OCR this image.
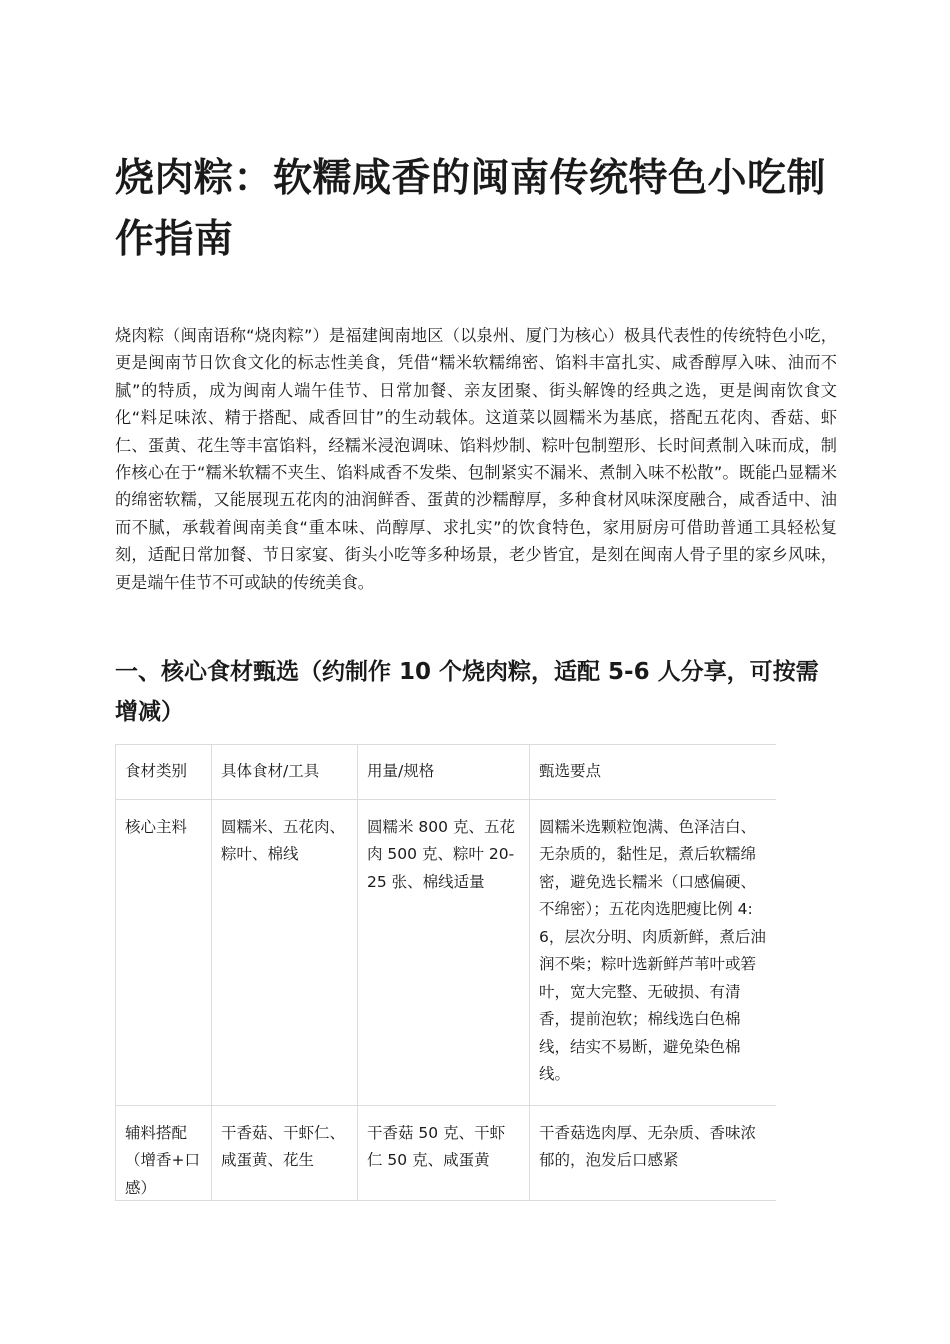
烧肉粽：软糯咸香的闽南传统特色小吃制作指南

烧肉粽（闽南语称“烧肉粽”）是福建闽南地区（以泉州、厦门为核心）极具代表性的传统特色小吃，更是闽南节日饮食文化的标志性美食，凭借“糯米软糯绵密、馅料丰富扎实、咸香醇厚入味、油而不腻”的特质，成为闽南人端午佳节、日常加餐、亲友团聚、街头解馋的经典之选，更是闽南饮食文化“料足味浓、精于搭配、咸香回甘”的生动载体。这道菜以圆糯米为基底，搭配五花肉、香菇、虾仁、蛋黄、花生等丰富馅料，经糯米浸泡调味、馅料炒制、粽叶包制塑形、长时间煮制入味而成，制作核心在于“糯米软糯不夹生、馅料咸香不发柴、包制紧实不漏米、煮制入味不松散”。既能凸显糯米的绵密软糯，又能展现五花肉的油润鲜香、蛋黄的沙糯醇厚，多种食材风味深度融合，咸香适中、油而不腻，承载着闽南美食“重本味、尚醇厚、求扎实”的饮食特色，家用厨房可借助普通工具轻松复刻，适配日常加餐、节日家宴、街头小吃等多种场景，老少皆宜，是刻在闽南人骨子里的家乡风味，更是端午佳节不可或缺的传统美食。

一、核心食材甄选（约制作 10 个烧肉粽，适配 5-6 人分享，可按需增减）
食材类别	具体食材/工具	用量/规格	甄选要点
核心主料	圆糯米、五花肉、粽叶、棉线	圆糯米 800 克、五花肉 500 克、粽叶 20-25 张、棉线适量	圆糯米选颗粒饱满、色泽洁白、无杂质的，黏性足，煮后软糯绵密，避免选长糯米（口感偏硬、不绵密）；五花肉选肥瘦比例 4:6，层次分明、肉质新鲜，煮后油润不柴；粽叶选新鲜芦苇叶或箬叶，宽大完整、无破损、有清香，提前泡软；棉线选白色棉线，结实不易断，避免染色棉线。
辅料搭配（增香+口感）	干香菇、干虾仁、咸蛋黄、花生	干香菇 50 克、干虾仁 50 克、咸蛋黄	干香菇选肉厚、无杂质、香味浓郁的，泡发后口感紧
